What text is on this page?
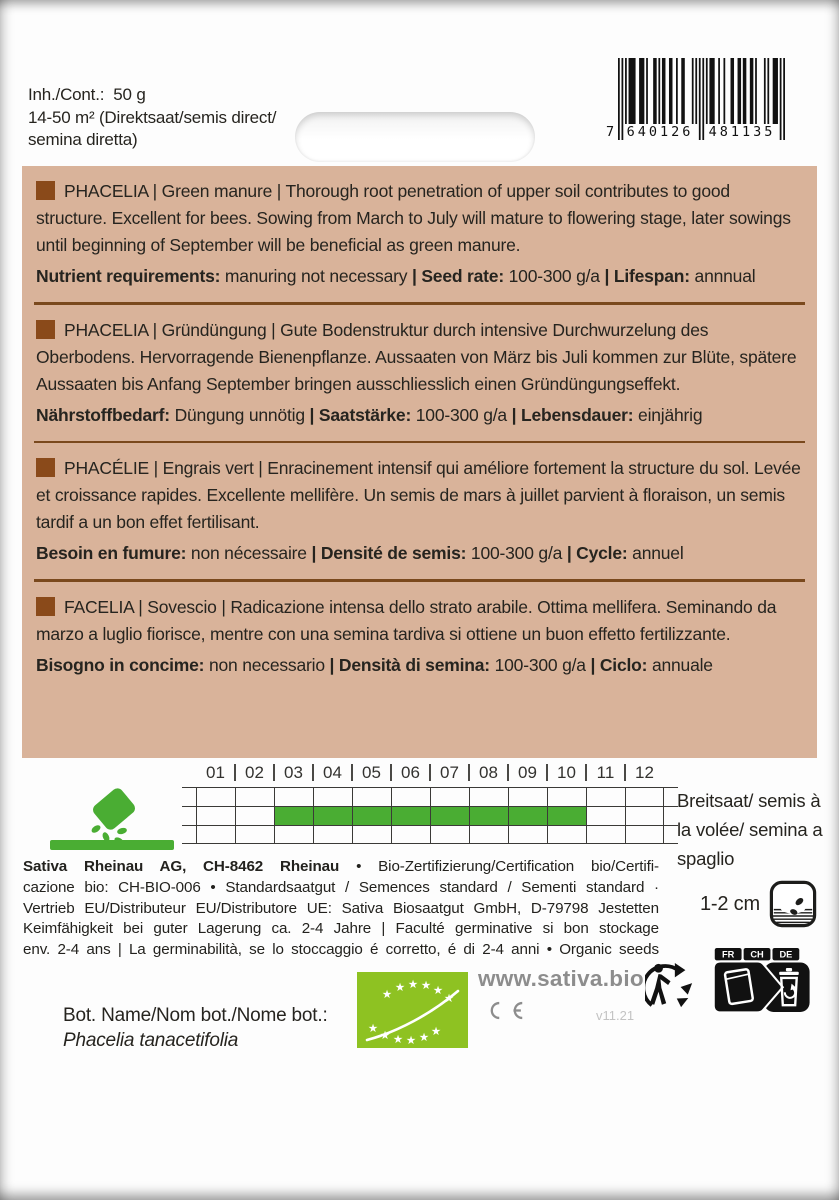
Inh./Cont.:  50 g
14-50 m² (Direktsaat/semis direct/
semina diretta)	7 640126 481135

PHACELIA | Green manure | Thorough root penetration of upper soil contributes to good structure. Excellent for bees. Sowing from March to July will mature to flowering stage, later sowings until beginning of September will be beneficial as green manure.

Nutrient requirements: manuring not necessary | Seed rate: 100-300 g/a | Lifespan: annnual

PHACELIA | Gründüngung | Gute Bodenstruktur durch intensive Durchwurzelung des Oberbodens. Hervorragende Bienenpflanze. Aussaaten von März bis Juli kommen zur Blüte, spätere Aussaaten bis Anfang September bringen ausschliesslich einen Gründüngungseffekt.

Nährstoffbedarf: Düngung unnötig | Saatstärke: 100-300 g/a | Lebensdauer: einjährig

PHACÉLIE | Engrais vert | Enracinement intensif qui améliore fortement la structure du sol. Levée et croissance rapides. Excellente mellifère. Un semis de mars à juillet parvient à floraison, un semis tardif a un bon effet fertilisant.

Besoin en fumure: non nécessaire | Densité de semis: 100-300 g/a | Cycle: annuel

FACELIA | Sovescio | Radicazione intensa dello strato arabile. Ottima mellifera. Seminando da marzo a luglio fiorisce, mentre con una semina tardiva si ottiene un buon effetto fertilizzante.

Bisogno in concime: non necessario | Densità di semina: 100-300 g/a | Ciclo: annuale

01	02	03	04	05	06	07	08	09	10	11	12
Breitsaat/ semis à la volée/ semina a spaglio
Sativa Rheinau AG, CH-8462 Rheinau • Bio-Zertifizierung/Certification bio/Certifi-
cazione bio: CH-BIO-006 • Standardsaatgut / Semences standard / Sementi standard ·
Vertrieb EU/Distributeur EU/Distributore UE: Sativa Biosaatgut GmbH, D-79798 Jestetten
Keimfähigkeit bei guter Lagerung ca. 2-4 Jahre | Faculté germinative si bon stockage
env. 2-4 ans | La germinabilità, se lo stoccaggio é corretto, é di 2-4 anni • Organic seeds
1-2 cm
Bot. Name/Nom bot./Nome bot.:
Phacelia tanacetifolia
★ ★ ★ ★ ★
★
★ ★ ★ ★ ★ ★
www.sativa.bio
v11.21
FR CH DE
